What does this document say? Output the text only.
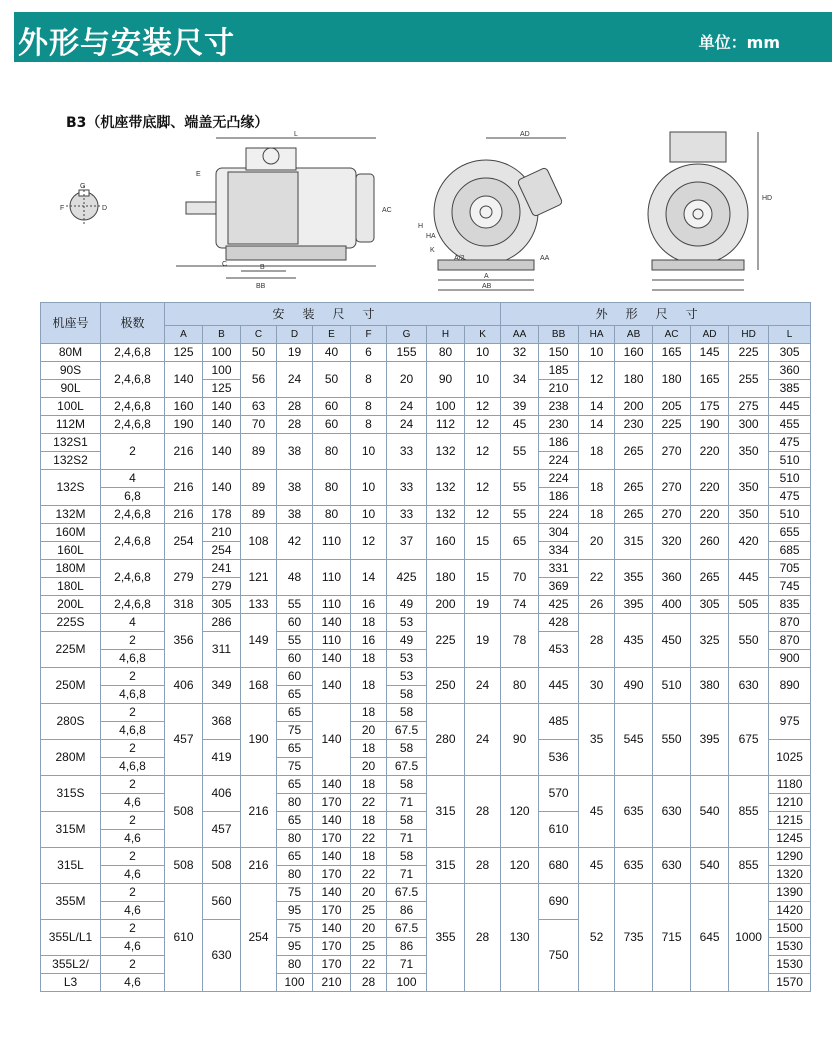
外形与安装尺寸	单位：mm
B3（机座带底脚、端盖无凸缘）
G
D
F
L
AC
E
C	B
BB
AD
H
HA
K
A/2
A
AB
AA
HD
机座号	极数	安装尺寸									外形尺寸							
		A	B	C	D	E	F	G	H	K	AA	BB	HA	AB	AC	AD	HD	L
80M	2,4,6,8	125	100	50	19	40	6	155	80	10	32	150	10	160	165	145	225	305
90S	2,4,6,8	140	100	56	24	50	8	20	90	10	34	185	12	180	180	165	255	360
90L			125									210						385
100L	2,4,6,8	160	140	63	28	60	8	24	100	12	39	238	14	200	205	175	275	445
112M	2,4,6,8	190	140	70	28	60	8	24	112	12	45	230	14	230	225	190	300	455
132S1	2	216	140	89	38	80	10	33	132	12	55	186	18	265	270	220	350	475
132S2												224						510
132S	4	216	140	89	38	80	10	33	132	12	55	224	18	265	270	220	350	510
	6,8											186						475
132M	2,4,6,8	216	178	89	38	80	10	33	132	12	55	224	18	265	270	220	350	510
160M	2,4,6,8	254	210	108	42	110	12	37	160	15	65	304	20	315	320	260	420	655
160L			254									334						685
180M	2,4,6,8	279	241	121	48	110	14	425	180	15	70	331	22	355	360	265	445	705
180L			279									369						745
200L	2,4,6,8	318	305	133	55	110	16	49	200	19	74	425	26	395	400	305	505	835
225S	4	356	286	149	60	140	18	53	225	19	78	428	28	435	450	325	550	870
225M	2		311		55	110	16	49				453						870
	4,6,8				60	140	18	53										900
250M	2	406	349	168	60	140	18	53	250	24	80	445	30	490	510	380	630	890
	4,6,8				65			58										
280S	2	457	368	190	65	140	18	58	280	24	90	485	35	545	550	395	675	975
	4,6,8				75		20	67.5										
280M	2		419		65		18	58				536						1025
	4,6,8				75		20	67.5										
315S	2	508	406	216	65	140	18	58	315	28	120	570	45	635	630	540	855	1180
	4,6				80	170	22	71										1210
315M	2		457		65	140	18	58				610						1215
	4,6				80	170	22	71										1245
315L	2	508	508	216	65	140	18	58	315	28	120	680	45	635	630	540	855	1290
	4,6				80	170	22	71										1320
355M	2	610	560	254	75	140	20	67.5	355	28	130	690	52	735	715	645	1000	1390
	4,6				95	170	25	86										1420
355L/L1	2		630		75	140	20	67.5				750						1500
	4,6				95	170	25	86										1530
355L2/	2				80	170	22	71										1530
L3	4,6				100	210	28	100										1570
